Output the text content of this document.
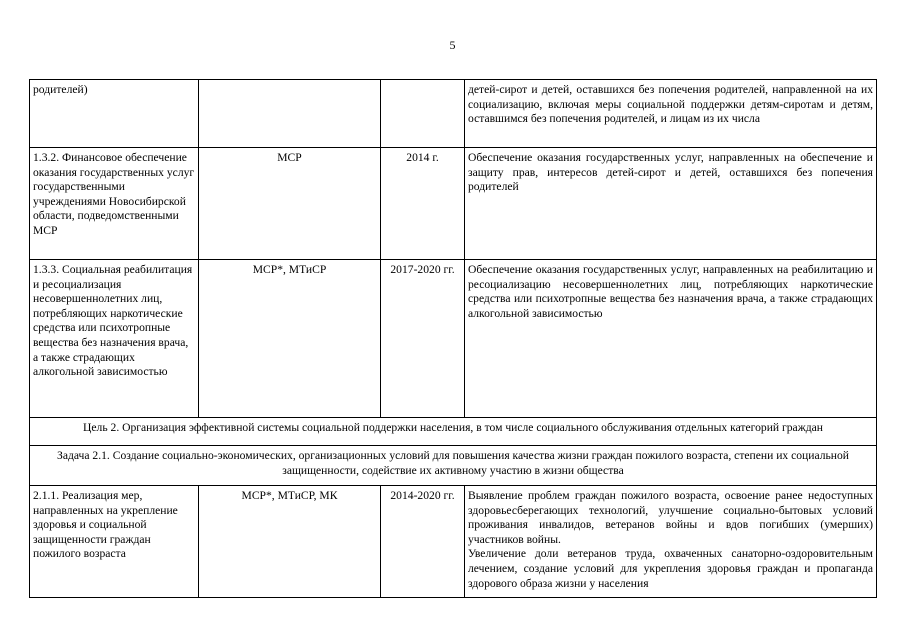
5
родителей)			детей-сирот и детей, оставшихся без попечения родителей, направленной на их социализацию, включая меры социальной поддержки детям-сиротам и детям, оставшимся без попечения родителей, и лицам из их числа
1.3.2. Финансовое обеспечение оказания государственных услуг государственными учреждениями Новосибирской области, подведомственными МСР	МСР	2014 г.	Обеспечение оказания государственных услуг, направленных на обеспечение и защиту прав, интересов детей-сирот и детей, оставшихся без попечения родителей
1.3.3. Социальная реабилитация и ресоциализация несовершеннолетних лиц, потребляющих наркотические средства или психотропные вещества без назначения врача, а также страдающих алкогольной зависимостью	МСР*, МТиСР	2017-2020 гг.	Обеспечение оказания государственных услуг, направленных на реабилитацию и ресоциализацию несовершеннолетних лиц, потребляющих наркотические средства или психотропные вещества без назначения врача, а также страдающих алкогольной зависимостью
Цель 2. Организация эффективной системы социальной поддержки населения, в том числе социального обслуживания отдельных категорий граждан			
Задача 2.1. Создание социально-экономических, организационных условий для повышения качества жизни граждан пожилого возраста, степени их социальной защищенности, содействие их активному участию в жизни общества			
2.1.1. Реализация мер, направленных на укрепление здоровья и социальной защищенности граждан пожилого возраста	МСР*, МТиСР, МК	2014-2020 гг.	Выявление проблем граждан пожилого возраста, освоение ранее недоступных здоровьесберегающих технологий, улучшение социально-бытовых условий проживания инвалидов, ветеранов войны и вдов погибших (умерших) участников войны.
Увеличение доли ветеранов труда, охваченных санаторно-оздоровительным лечением, создание условий для укрепления здоровья граждан и пропаганда здорового образа жизни у населения
